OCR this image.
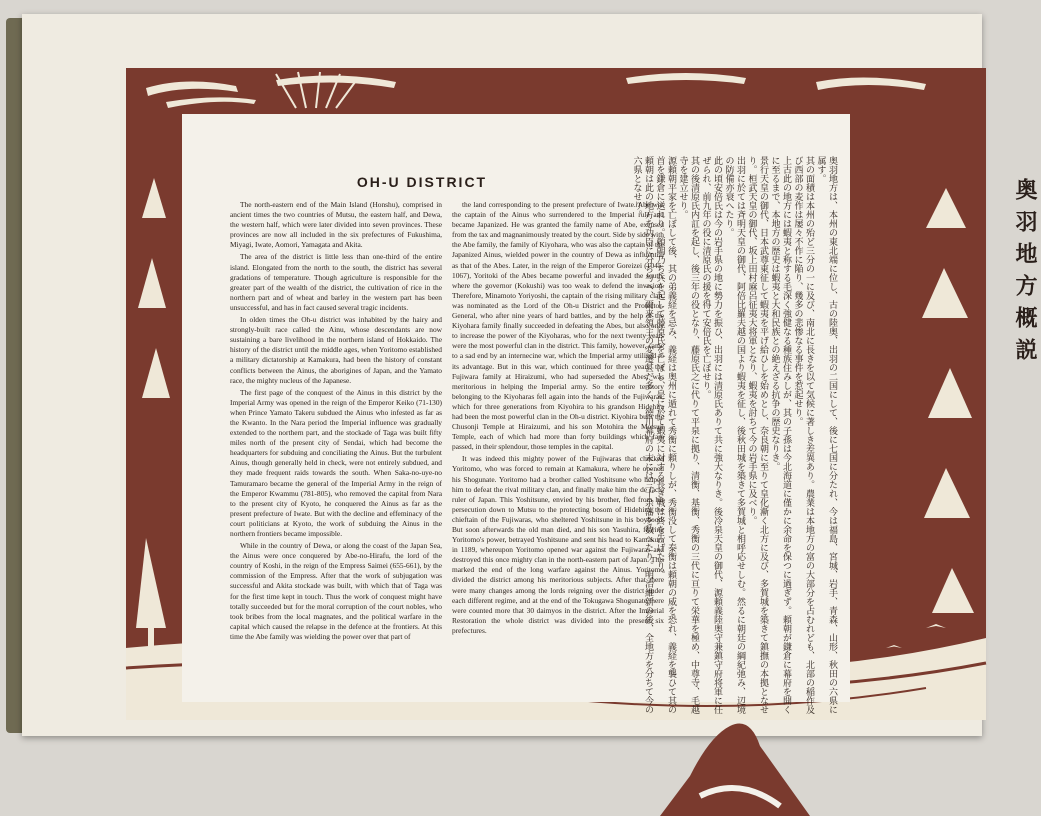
OH-U DISTRICT

The north-eastern end of the Main Island (Honshu), comprised in ancient times the two countries of Mutsu, the eastern half, and Dewa, the western half, which were later divided into seven provinces. These provinces are now all included in the six prefectures of Fukushima, Miyagi, Iwate, Aomori, Yamagata and Akita.

The area of the district is little less than one-third of the entire island. Elongated from the north to the south, the district has several gradations of temperature. Though agriculture is responsible for the greater part of the wealth of the district, the cultivation of rice in the northern part and of wheat and barley in the western part has been unsuccessful, and has in fact caused several tragic incidents.

In olden times the Oh-u district was inhabited by the hairy and strongly-built race called the Ainu, whose descendants are now sustaining a bare livelihood in the northern island of Hokkaido. The history of the district until the middle ages, when Yoritomo established a military dictatorship at Kamakura, had been the history of constant conflicts between the Ainus, the aborigines of Japan, and the Yamato race, the mighty nucleus of the Japanese.

The first page of the conquest of the Ainus in this district by the Imperial Army was opened in the reign of the Emperor Keiko (71-130) when Prince Yamato Takeru subdued the Ainus who infested as far as the Kwanto. In the Nara period the Imperial influence was gradually extended to the northern part, and the stockade of Taga was built fifty miles north of the present city of Sendai, which had become the headquarters for subduing and conciliating the Ainus. But the turbulent Ainus, though generally held in check, were not entirely subdued, and they made frequent raids towards the south. When Saka-no-uye-no Tamuramaro became the general of the Imperial Army in the reign of the Emperor Kwammu (781-805), who removed the capital from Nara to the present city of Kyoto, he conquered the Ainus as far as the present prefecture of Iwate. But with the decline and effeminacy of the court politicians at Kyoto, the work of subduing the Ainus in the northern frontiers became impossible.

While in the country of Dewa, or along the coast of the Japan Sea, the Ainus were once conquered by Abe-no-Hirafu, the lord of the country of Koshi, in the reign of the Empress Saimei (655-661), by the commission of the Empress. After that the work of subjugation was successful and Akita stockade was built, with which that of Taga was for the first time kept in touch. Thus the work of conquest might have totally succeeded but for the moral corruption of the court nobles, who took bribes from the local magnates, and the political warfare in the capital which caused the relapse in the defence at the frontiers. At this time the Abe family was wielding the power over that part of

the land corresponding to the present prefecture of Iwate. Abe was the captain of the Ainus who surrendered to the Imperial rule and became Japanized. He was granted the family name of Abe, excused from the tax and magnanimously treated by the court. Side by side with the Abe family, the family of Kiyohara, who was also the captain of the Japanized Ainus, wielded power in the country of Dewa as influential as that of the Abes. Later, in the reign of the Emperor Goreizei (1045-1067), Yoritoki of the Abes became powerful and invaded the south, where the governor (Kokushi) was too weak to defend the invasion. Therefore, Minamoto Yoriyoshi, the captain of the rising military clan, was nominated as the Lord of the Oh-u District and the Protector-General, who after nine years of hard battles, and by the help of the Kiyohara family finally succeeded in defeating the Abes, but also only to increase the power of the Kiyoharas, who for the next twenty years were the most powerful clan in the district. This family, however, came to a sad end by an internecine war, which the Imperial army utilized to its advantage. But in this war, which continued for three years, the Fujiwara family at Hiraizumi, who had superseded the Abes, was meritorious in helping the Imperial army. So the entire territory belonging to the Kiyoharas fell again into the hands of the Fujiwaras, which for three generations from Kiyohira to his grandson Hidehira had been the most powerful clan in the Oh-u district. Kiyohira built the Chusonji Temple at Hiraizumi, and his son Motohira the Motsuji Temple, each of which had more than forty buildings which fare passed, in their splendour, those temples in the capital.

It was indeed this mighty power of the Fujiwaras that checked Yoritomo, who was forced to remain at Kamakura, where he opened his Shogunate. Yoritomo had a brother called Yoshitsune who helped him to defeat the rival military clan, and finally make him the de facto ruler of Japan. This Yoshitsune, envied by his brother, fled from his persecution down to Mutsu to the protecting bosom of Hidehira, the chieftain of the Fujiwaras, who sheltered Yoshitsune in his boyhood. But soon afterwards the old man died, and his son Yasuhira, fearing Yoritomo's power, betrayed Yoshitsune and sent his head to Kamakura in 1189, whereupon Yoritomo opened war against the Fujiwaras and destroyed this once mighty clan in the north-eastern part of Japan. This marked the end of the long warfare against the Ainus. Yoritomo divided the district among his meritorious subjects. After that there were many changes among the lords reigning over the district under each different regime, and at the end of the Tokugawa Shogunate there were counted more that 30 daimyos in the district. After the Imperial Restoration the whole district was divided into the present six prefectures.	奥羽地方は、本州の東北端に位し、古の陸奥、出羽の二国にして、後に七国に分たれ、今は福島、宮城、岩手、青森、山形、秋田の六県に属す。
其の面積は本州の殆ど三分の一に及び、南北に長きを以て気候に著しき差異あり。農業は本地方の富の大部分を占むれども、北部の稲作及び西部の麦作は屡々不作に陥り、幾多の悲惨なる事件を惹起せり。
上古此の地方には蝦夷と称する毛深く強健なる種族住みしが、其の子孫は今北海道に僅かに余命を保つに過ぎず。頼朝が鎌倉に幕府を開くに至るまで、本地方の歴史は蝦夷と大和民族との絶えざる抗争の歴史なりき。
景行天皇の御代、日本武尊東征して蝦夷を平げ給ひしを始めとし、奈良朝に至りて皇化漸く北方に及び、多賀城を築きて鎮撫の本拠となせり。桓武天皇の御代、坂上田村麻呂征夷大将軍となり、蝦夷を討ちて今の岩手県に及べり。
出羽に於ては斉明天皇の御代、阿倍比羅夫越の国より蝦夷を征し、後秋田城を築きて多賀城と相呼応せしむ。然るに朝廷の綱紀弛み、辺境の防備亦衰へたり。
此の頃安倍氏は今の岩手県の地に勢力を振ひ、出羽には清原氏ありて共に強大なりき。後冷泉天皇の御代、源頼義陸奥守兼鎮守府将軍に任ぜられ、前九年の役に清原氏の援を得て安倍氏を亡ぼせり。
其の後清原氏内訌を起し、後三年の役となり、藤原氏之に代りて平泉に拠り、清衡、基衡、秀衡の三代に亘りて栄華を極め、中尊寺、毛越寺を建立せり。
源頼朝平家を亡ぼして後、其の弟義経を忌み、義経は奥州に遁れて秀衡に頼りしが、秀衡没して泰衡は頼朝の威を恐れ、義経を襲ひて其の首を鎌倉に送れり。頼朝乃ち兵を起して藤原氏を亡ぼし、是に於て蝦夷に対する長き戦は終を告げたり。
頼朝は此の地方を功臣に分ち与へ、爾来領主の変遷甚だ多く、徳川幕府の末には三十余藩を数へたり。明治維新の後、全地方を分ちて今の六県となせり。	奥羽地方概説
